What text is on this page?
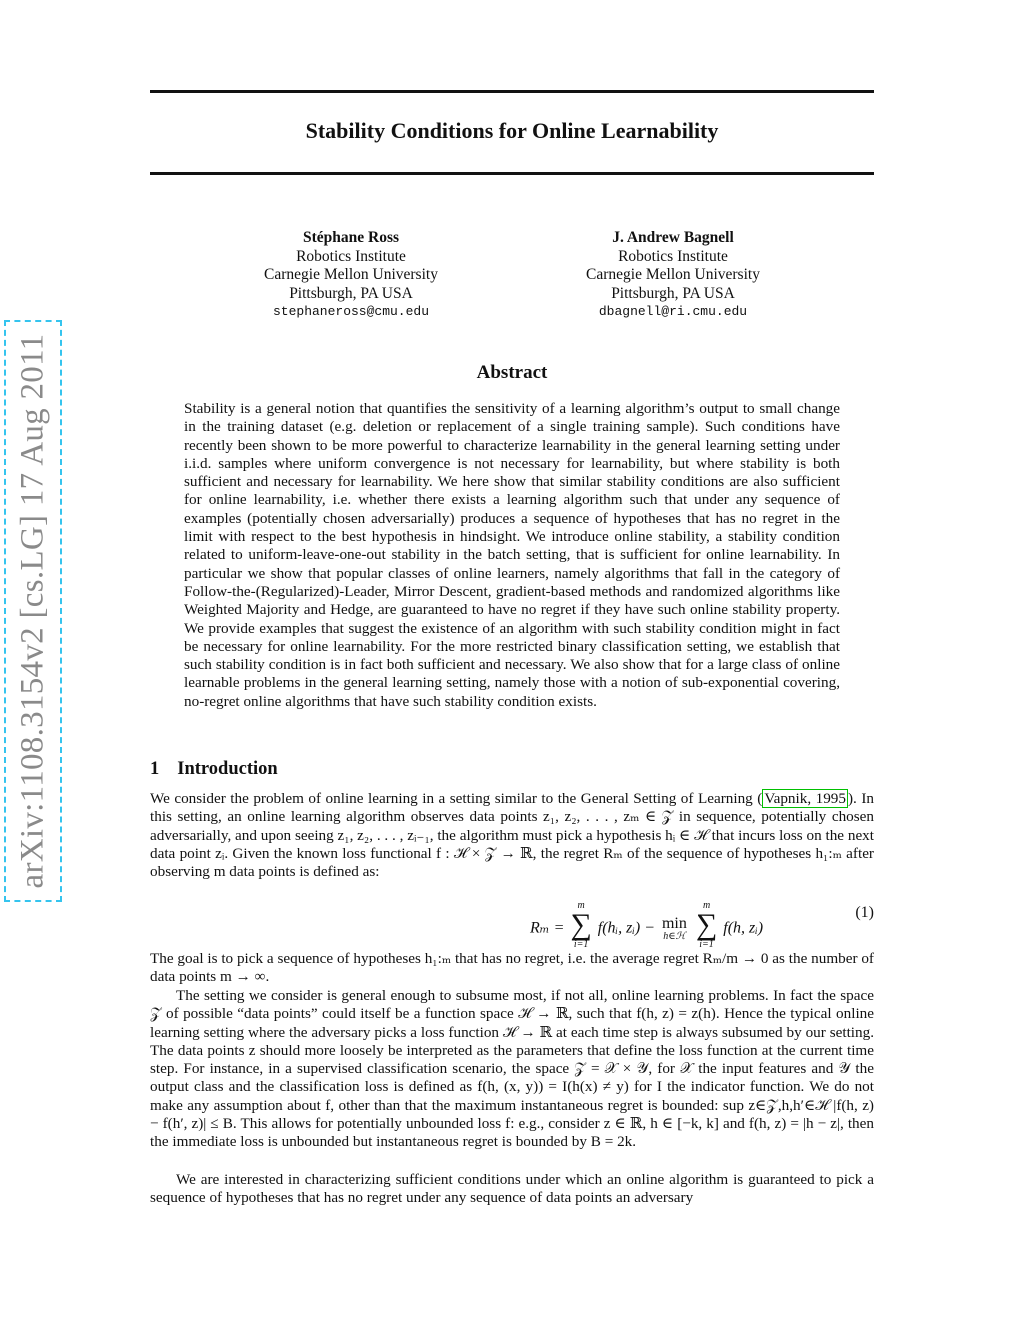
arXiv:1108.3154v2 [cs.LG] 17 Aug 2011
Stability Conditions for Online Learnability
Stéphane Ross
Robotics Institute
Carnegie Mellon University
Pittsburgh, PA USA
stephaneross@cmu.edu
J. Andrew Bagnell
Robotics Institute
Carnegie Mellon University
Pittsburgh, PA USA
dbagnell@ri.cmu.edu
Abstract
Stability is a general notion that quantifies the sensitivity of a learning algorithm’s output to small change in the training dataset (e.g. deletion or replacement of a single training sample). Such conditions have recently been shown to be more powerful to characterize learnability in the general learning setting under i.i.d. samples where uniform convergence is not necessary for learnability, but where stability is both sufficient and necessary for learnability. We here show that similar stability conditions are also sufficient for online learnability, i.e. whether there exists a learning algorithm such that under any sequence of examples (potentially chosen adversarially) produces a sequence of hypotheses that has no regret in the limit with respect to the best hypothesis in hindsight. We introduce online stability, a stability condition related to uniform-leave-one-out stability in the batch setting, that is sufficient for online learnability. In particular we show that popular classes of online learners, namely algorithms that fall in the category of Follow-the-(Regularized)-Leader, Mirror Descent, gradient-based methods and randomized algorithms like Weighted Majority and Hedge, are guaranteed to have no regret if they have such online stability property. We provide examples that suggest the existence of an algorithm with such stability condition might in fact be necessary for online learnability. For the more restricted binary classification setting, we establish that such stability condition is in fact both sufficient and necessary. We also show that for a large class of online learnable problems in the general learning setting, namely those with a notion of sub-exponential covering, no-regret online algorithms that have such stability condition exists.
1 Introduction

We consider the problem of online learning in a setting similar to the General Setting of Learning ( Vapnik, 1995 ). In this setting, an online learning algorithm observes data points z₁, z₂, . . . , zₘ ∈ 𝒵 in sequence, potentially chosen adversarially, and upon seeing z₁, z₂, . . . , zᵢ₋₁, the algorithm must pick a hypothesis hᵢ ∈ ℋ that incurs loss on the next data point zᵢ. Given the known loss functional f : ℋ × 𝒵 → ℝ, the regret Rₘ of the sequence of hypotheses h₁:ₘ after observing m data points is defined as:

Rₘ =
m
∑
i=1
f(hᵢ, zᵢ) − min
h∈ℋ

m
∑
i=1
f(h, zᵢ)
(1)

The goal is to pick a sequence of hypotheses h₁:ₘ that has no regret, i.e. the average regret Rₘ/m → 0 as the number of data points m → ∞.

The setting we consider is general enough to subsume most, if not all, online learning problems. In fact the space 𝒵 of possible “data points” could itself be a function space ℋ → ℝ, such that f(h, z) = z(h). Hence the typical online learning setting where the adversary picks a loss function ℋ → ℝ at each time step is always subsumed by our setting. The data points z should more loosely be interpreted as the parameters that define the loss function at the current time step. For instance, in a supervised classification scenario, the space 𝒵 = 𝒳 × 𝒴, for 𝒳 the input features and 𝒴 the output class and the classification loss is defined as f(h, (x, y)) = I(h(x) ≠ y) for I the indicator function. We do not make any assumption about f, other than that the maximum instantaneous regret is bounded: sup z∈𝒵,h,h′∈ℋ |f(h, z) − f(h′, z)| ≤ B. This allows for potentially unbounded loss f: e.g., consider z ∈ ℝ, h ∈ [−k, k] and f(h, z) = |h − z|, then the immediate loss is unbounded but instantaneous regret is bounded by B = 2k.

We are interested in characterizing sufficient conditions under which an online algorithm is guaranteed to pick a sequence of hypotheses that has no regret under any sequence of data points an adversary
